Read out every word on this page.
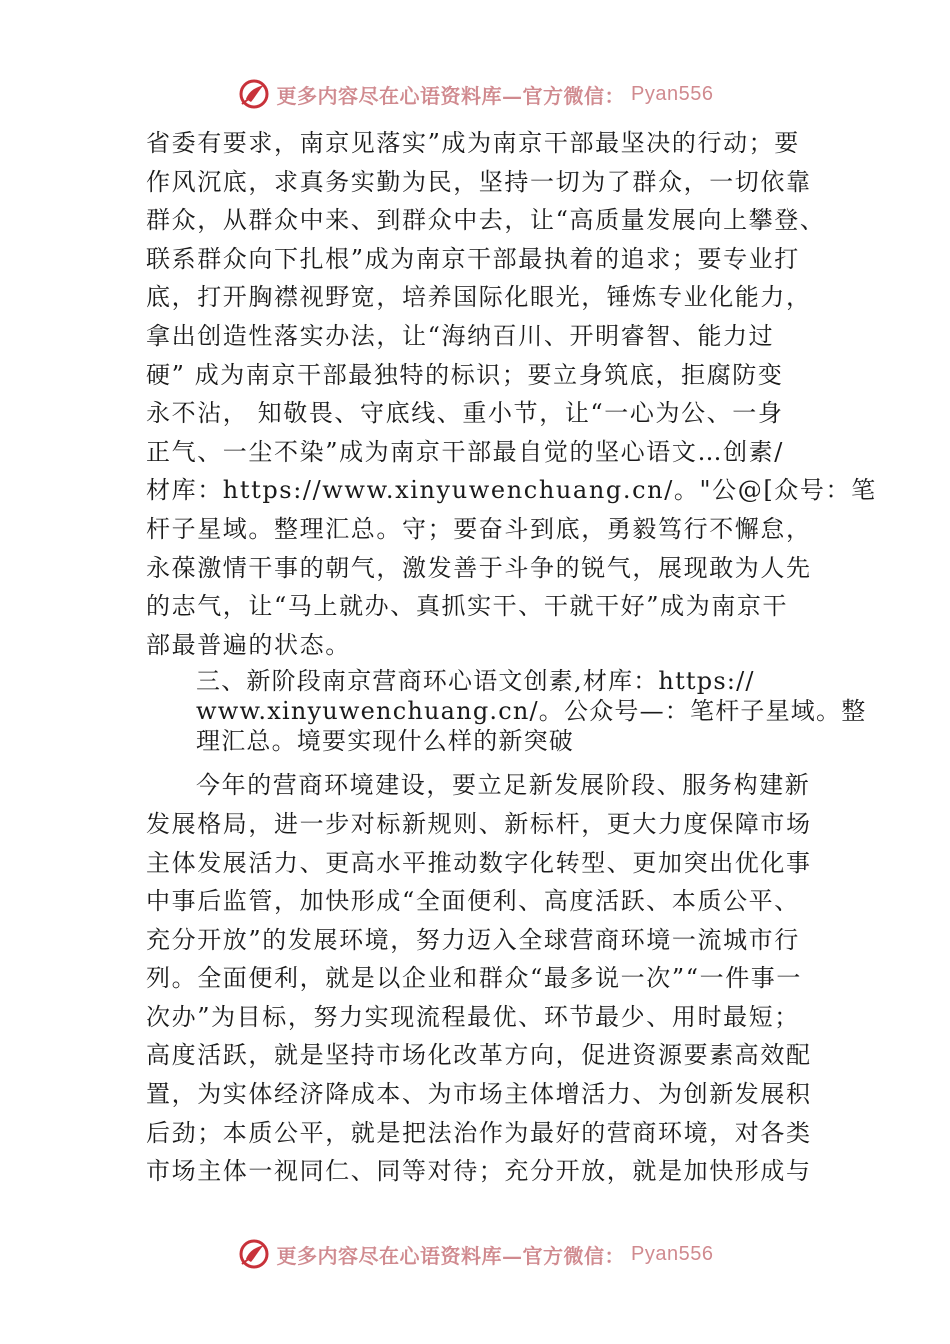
更多内容尽在心语资料库—官方微信： Pyan556
省委有要求，南京见落实”成为南京干部最坚决的行动；要
作风沉底，求真务实勤为民，坚持一切为了群众，一切依靠
群众，从群众中来、到群众中去，让“高质量发展向上攀登、
联系群众向下扎根”成为南京干部最执着的追求；要专业打
底，打开胸襟视野宽，培养国际化眼光，锤炼专业化能力，
拿出创造性落实办法，让“海纳百川、开明睿智、能力过
硬” 成为南京干部最独特的标识；要立身筑底，拒腐防变
永不沾， 知敬畏、守底线、重小节，让“一心为公、一身
正气、一尘不染”成为南京干部最自觉的坚心语文…创素/
材库：https://www.xinyuwenchuang.cn/。"公@[众号：笔
杆子星域。整理汇总。守；要奋斗到底，勇毅笃行不懈怠，
永葆激情干事的朝气，激发善于斗争的锐气，展现敢为人先
的志气，让“马上就办、真抓实干、干就干好”成为南京干
部最普遍的状态。
三、新阶段南京营商环心语文创素,材库：https://
www.xinyuwenchuang.cn/。公众号—：笔杆子星域。整
理汇总。境要实现什么样的新突破
今年的营商环境建设，要立足新发展阶段、服务构建新
发展格局，进一步对标新规则、新标杆，更大力度保障市场
主体发展活力、更高水平推动数字化转型、更加突出优化事
中事后监管，加快形成“全面便利、高度活跃、本质公平、
充分开放”的发展环境，努力迈入全球营商环境一流城市行
列。全面便利，就是以企业和群众“最多说一次”“一件事一
次办”为目标，努力实现流程最优、环节最少、用时最短；
高度活跃，就是坚持市场化改革方向，促进资源要素高效配
置，为实体经济降成本、为市场主体增活力、为创新发展积
后劲；本质公平，就是把法治作为最好的营商环境，对各类
市场主体一视同仁、同等对待；充分开放，就是加快形成与
更多内容尽在心语资料库—官方微信： Pyan556
